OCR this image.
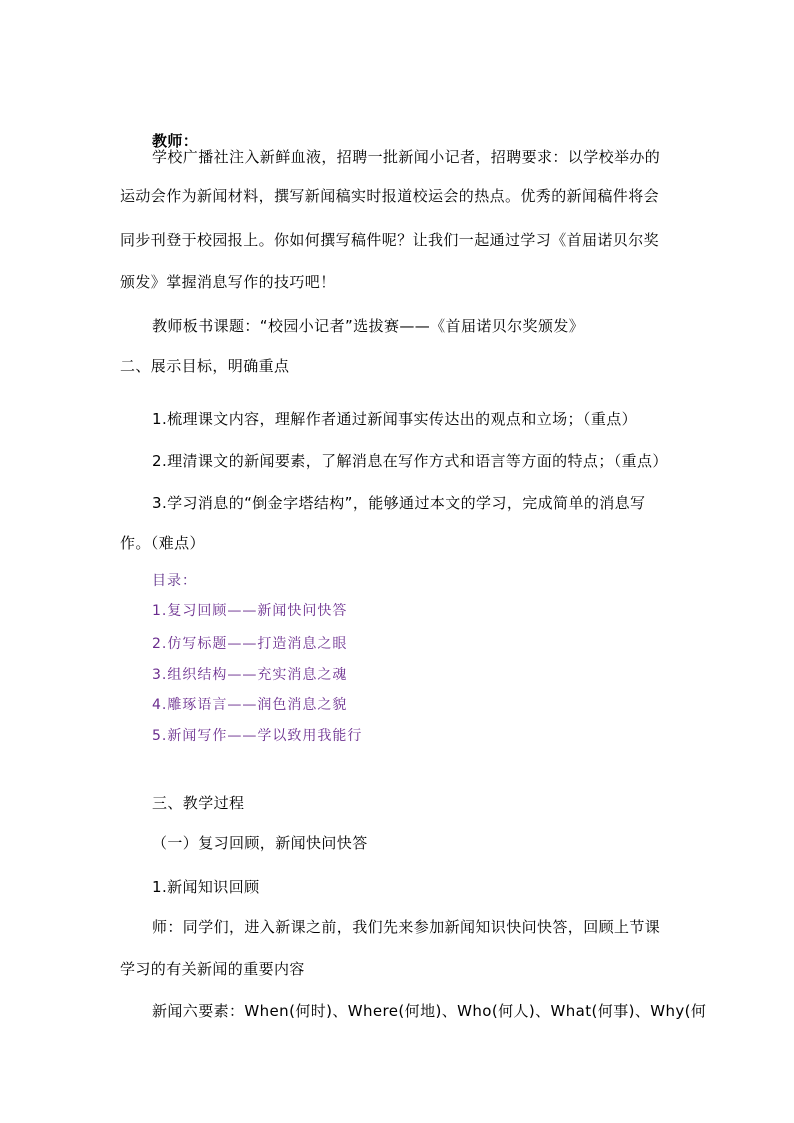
教师：
学校广播社注入新鲜血液，招聘一批新闻小记者，招聘要求：以学校举办的
运动会作为新闻材料，撰写新闻稿实时报道校运会的热点。优秀的新闻稿件将会
同步刊登于校园报上。你如何撰写稿件呢？让我们一起通过学习《首届诺贝尔奖
颁发》掌握消息写作的技巧吧！
教师板书课题：“校园小记者”选拔赛——《首届诺贝尔奖颁发》
二、展示目标，明确重点
1.梳理课文内容，理解作者通过新闻事实传达出的观点和立场；（重点）
2.理清课文的新闻要素，了解消息在写作方式和语言等方面的特点；（重点）
3.学习消息的“倒金字塔结构”，能够通过本文的学习，完成简单的消息写
作。（难点）
目录：
1.复习回顾——新闻快问快答
2.仿写标题——打造消息之眼
3.组织结构——充实消息之魂
4.雕琢语言——润色消息之貌
5.新闻写作——学以致用我能行
三、教学过程
（一）复习回顾，新闻快问快答
1.新闻知识回顾
师：同学们，进入新课之前，我们先来参加新闻知识快问快答，回顾上节课
学习的有关新闻的重要内容
新闻六要素：When(何时)、Where(何地)、Who(何人)、What(何事)、Why(何
